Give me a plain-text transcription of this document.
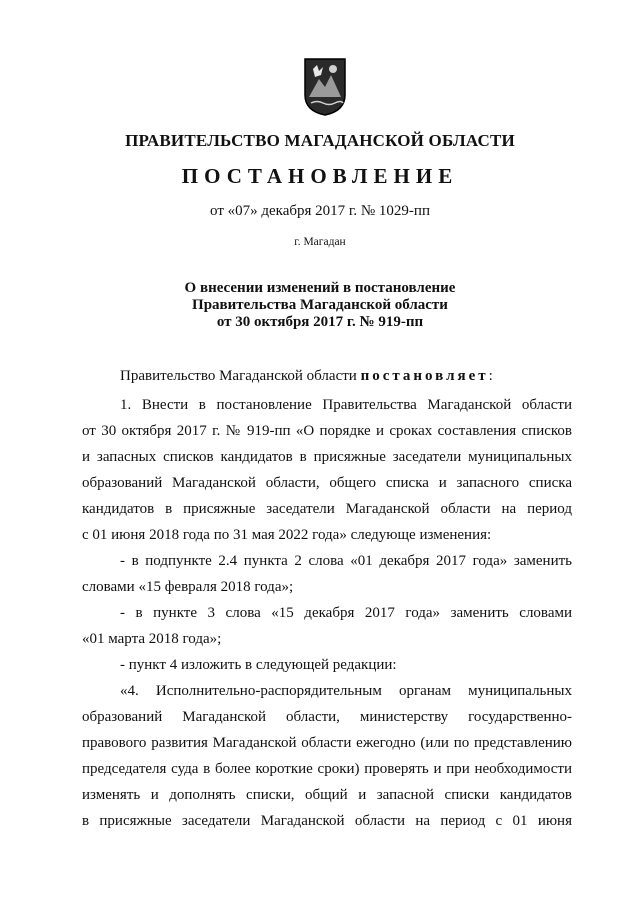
ПРАВИТЕЛЬСТВО МАГАДАНСКОЙ ОБЛАСТИ
ПОСТАНОВЛЕНИЕ
от «07» декабря 2017 г. № 1029-пп
г. Магадан
О внесении изменений в постановление
Правительства Магаданской области
от 30 октября 2017 г. № 919-пп
Правительство Магаданской области постановляет:
1. Внести в постановление Правительства Магаданской области
от 30 октября 2017 г. № 919-пп «О порядке и сроках составления списков
и запасных списков кандидатов в присяжные заседатели муниципальных
образований Магаданской области, общего списка и запасного списка
кандидатов в присяжные заседатели Магаданской области на период
с 01 июня 2018 года по 31 мая 2022 года» следующе изменения:
- в подпункте 2.4 пункта 2 слова «01 декабря 2017 года» заменить
словами «15 февраля 2018 года»;
- в пункте 3 слова «15 декабря 2017 года» заменить словами
«01 марта 2018 года»;
- пункт 4 изложить в следующей редакции:
«4. Исполнительно-распорядительным органам муниципальных
образований Магаданской области, министерству государственно-
правового развития Магаданской области ежегодно (или по представлению
председателя суда в более короткие сроки) проверять и при необходимости
изменять и дополнять списки, общий и запасной списки кандидатов
в присяжные заседатели Магаданской области на период с 01 июня
